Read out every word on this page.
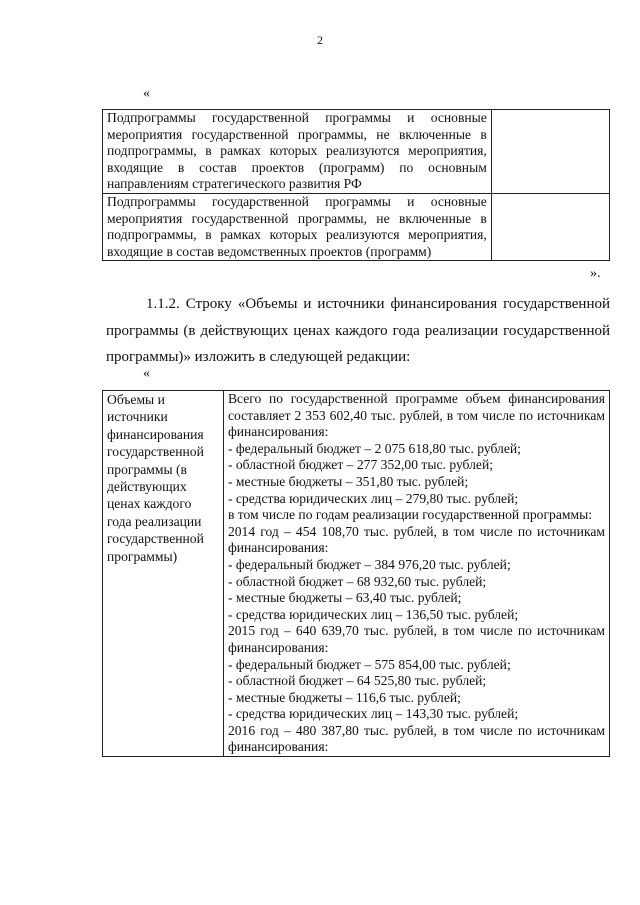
2
«
Подпрограммы государственной программы и основные мероприятия государственной программы, не включенные в подпрограммы, в рамках которых реализуются мероприятия, входящие в состав проектов (программ) по основным направлениям стратегического развития РФ	
Подпрограммы государственной программы и основные мероприятия государственной программы, не включенные в подпрограммы, в рамках которых реализуются мероприятия, входящие в состав ведомственных проектов (программ)	
».
1.1.2. Строку «Объемы и источники финансирования государственной программы (в действующих ценах каждого года реализации государственной программы)» изложить в следующей редакции:
«
Объемы и источники финансирования государственной программы (в действующих ценах каждого года реализации государственной программы)	
Всего по государственной программе объем финансирования составляет 2 353 602,40 тыс. рублей, в том числе по источникам финансирования:
- федеральный бюджет – 2 075 618,80 тыс. рублей;
- областной бюджет – 277 352,00 тыс. рублей;
- местные бюджеты – 351,80 тыс. рублей;
- средства юридических лиц – 279,80 тыс. рублей;
в том числе по годам реализации государственной программы:
2014 год – 454 108,70 тыс. рублей, в том числе по источникам финансирования:
- федеральный бюджет – 384 976,20 тыс. рублей;
- областной бюджет – 68 932,60 тыс. рублей;
- местные бюджеты – 63,40 тыс. рублей;
- средства юридических лиц – 136,50 тыс. рублей;
2015 год – 640 639,70 тыс. рублей, в том числе по источникам финансирования:
- федеральный бюджет – 575 854,00 тыс. рублей;
- областной бюджет – 64 525,80 тыс. рублей;
- местные бюджеты – 116,6 тыс. рублей;
- средства юридических лиц – 143,30 тыс. рублей;
2016 год – 480 387,80 тыс. рублей, в том числе по источникам финансирования:
